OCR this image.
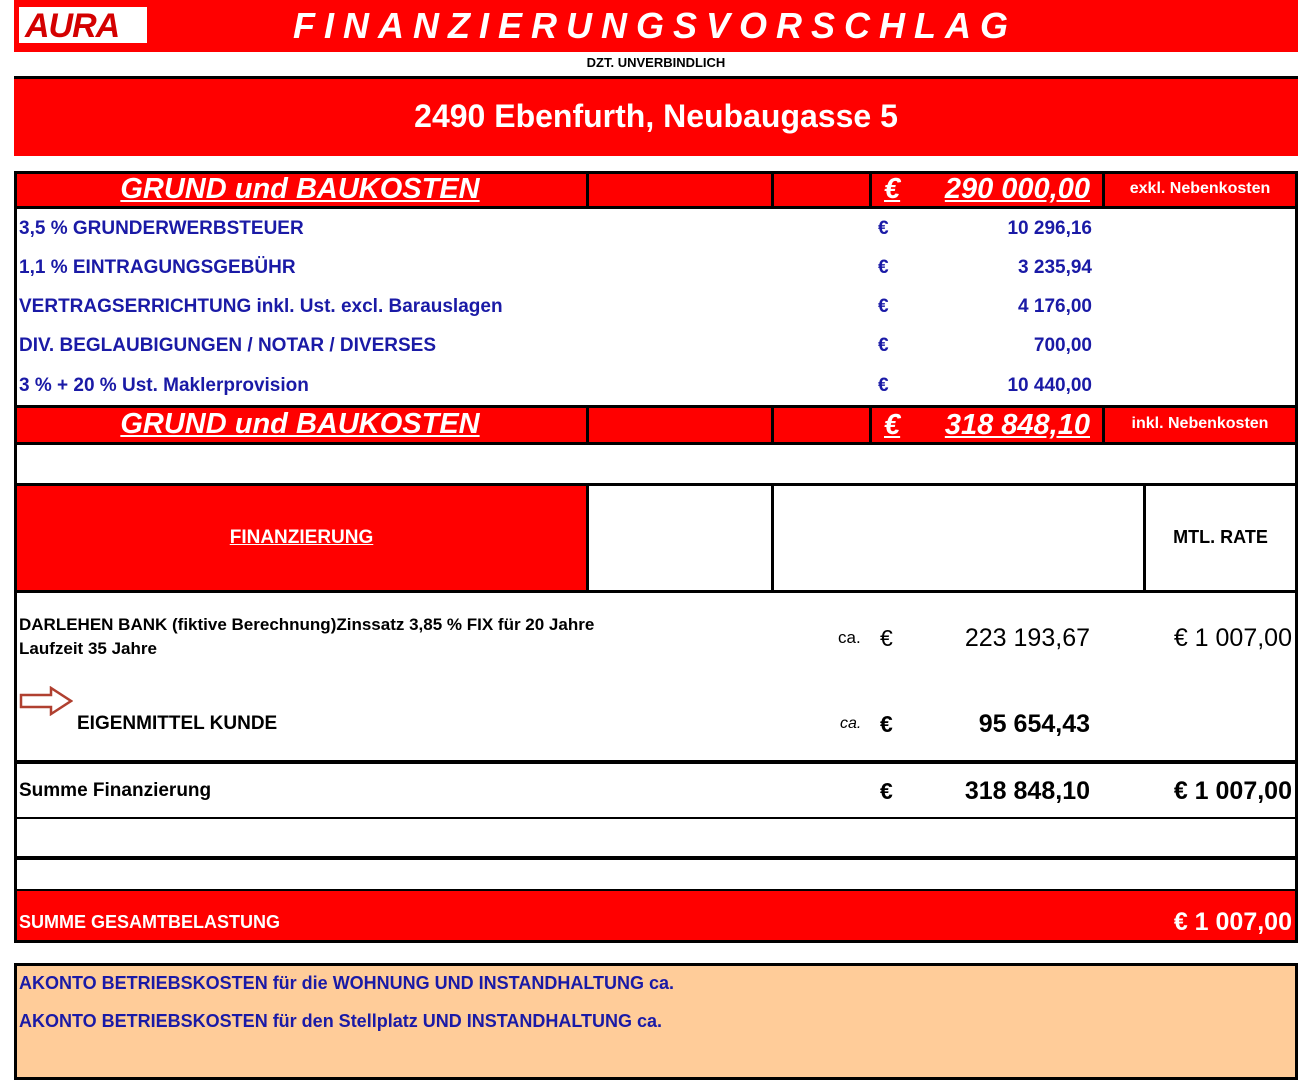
AURA	FINANZIERUNGSVORSCHLAG
DZT. UNVERBINDLICH
2490 Ebenfurth, Neubaugasse 5
GRUND und BAUKOSTEN	€	290 000,00	exkl. Nebenkosten
3,5 % GRUNDERWERBSTEUER	€	10 296,16
1,1 % EINTRAGUNGSGEBÜHR	€	3 235,94
VERTRAGSERRICHTUNG inkl. Ust. excl. Barauslagen	€	4 176,00
DIV. BEGLAUBIGUNGEN / NOTAR / DIVERSES	€	700,00
3 % + 20 % Ust. Maklerprovision	€	10 440,00
GRUND und BAUKOSTEN	€	318 848,10	inkl. Nebenkosten
FINANZIERUNG	MTL. RATE
DARLEHEN BANK (fiktive Berechnung)Zinssatz 3,85 % FIX für 20 Jahre
Laufzeit 35 Jahre
ca. €	223 193,67	€ 1 007,00
EIGENMITTEL KUNDE	ca. €	95 654,43
Summe Finanzierung	€	318 848,10	€ 1 007,00
SUMME GESAMTBELASTUNG	€ 1 007,00
AKONTO BETRIEBSKOSTEN für die WOHNUNG UND INSTANDHALTUNG ca.
AKONTO BETRIEBSKOSTEN für den Stellplatz UND INSTANDHALTUNG ca.
